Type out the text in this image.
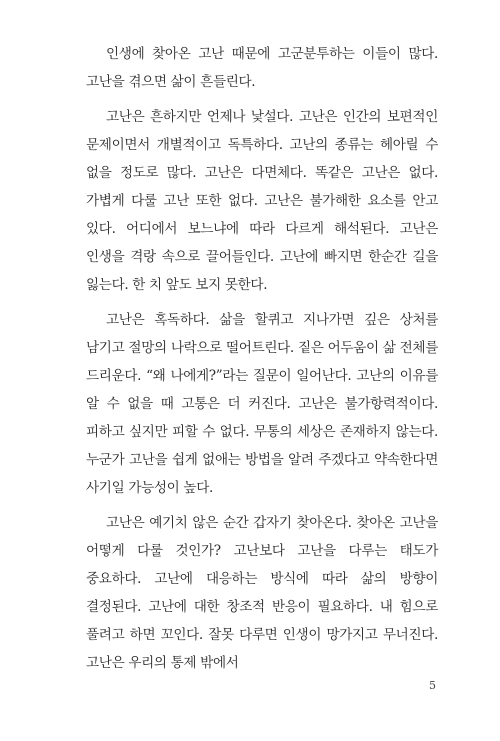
인생에 찾아온 고난 때문에 고군분투하는 이들이 많다. 고난을 겪으면 삶이 흔들린다.

고난은 흔하지만 언제나 낯설다. 고난은 인간의 보편적인 문제이면서 개별적이고 독특하다. 고난의 종류는 헤아릴 수 없을 정도로 많다. 고난은 다면체다. 똑같은 고난은 없다. 가볍게 다룰 고난 또한 없다. 고난은 불가해한 요소를 안고 있다. 어디에서 보느냐에 따라 다르게 해석된다. 고난은 인생을 격랑 속으로 끌어들인다. 고난에 빠지면 한순간 길을 잃는다. 한 치 앞도 보지 못한다.

고난은 혹독하다. 삶을 할퀴고 지나가면 깊은 상처를 남기고 절망의 나락으로 떨어트린다. 짙은 어두움이 삶 전체를 드리운다. “왜 나에게?”라는 질문이 일어난다. 고난의 이유를 알 수 없을 때 고통은 더 커진다. 고난은 불가항력적이다. 피하고 싶지만 피할 수 없다. 무통의 세상은 존재하지 않는다. 누군가 고난을 쉽게 없애는 방법을 알려 주겠다고 약속한다면 사기일 가능성이 높다.

고난은 예기치 않은 순간 갑자기 찾아온다. 찾아온 고난을 어떻게 다룰 것인가? 고난보다 고난을 다루는 태도가 중요하다. 고난에 대응하는 방식에 따라 삶의 방향이 결정된다. 고난에 대한 창조적 반응이 필요하다. 내 힘으로 풀려고 하면 꼬인다. 잘못 다루면 인생이 망가지고 무너진다. 고난은 우리의 통제 밖에서

5
